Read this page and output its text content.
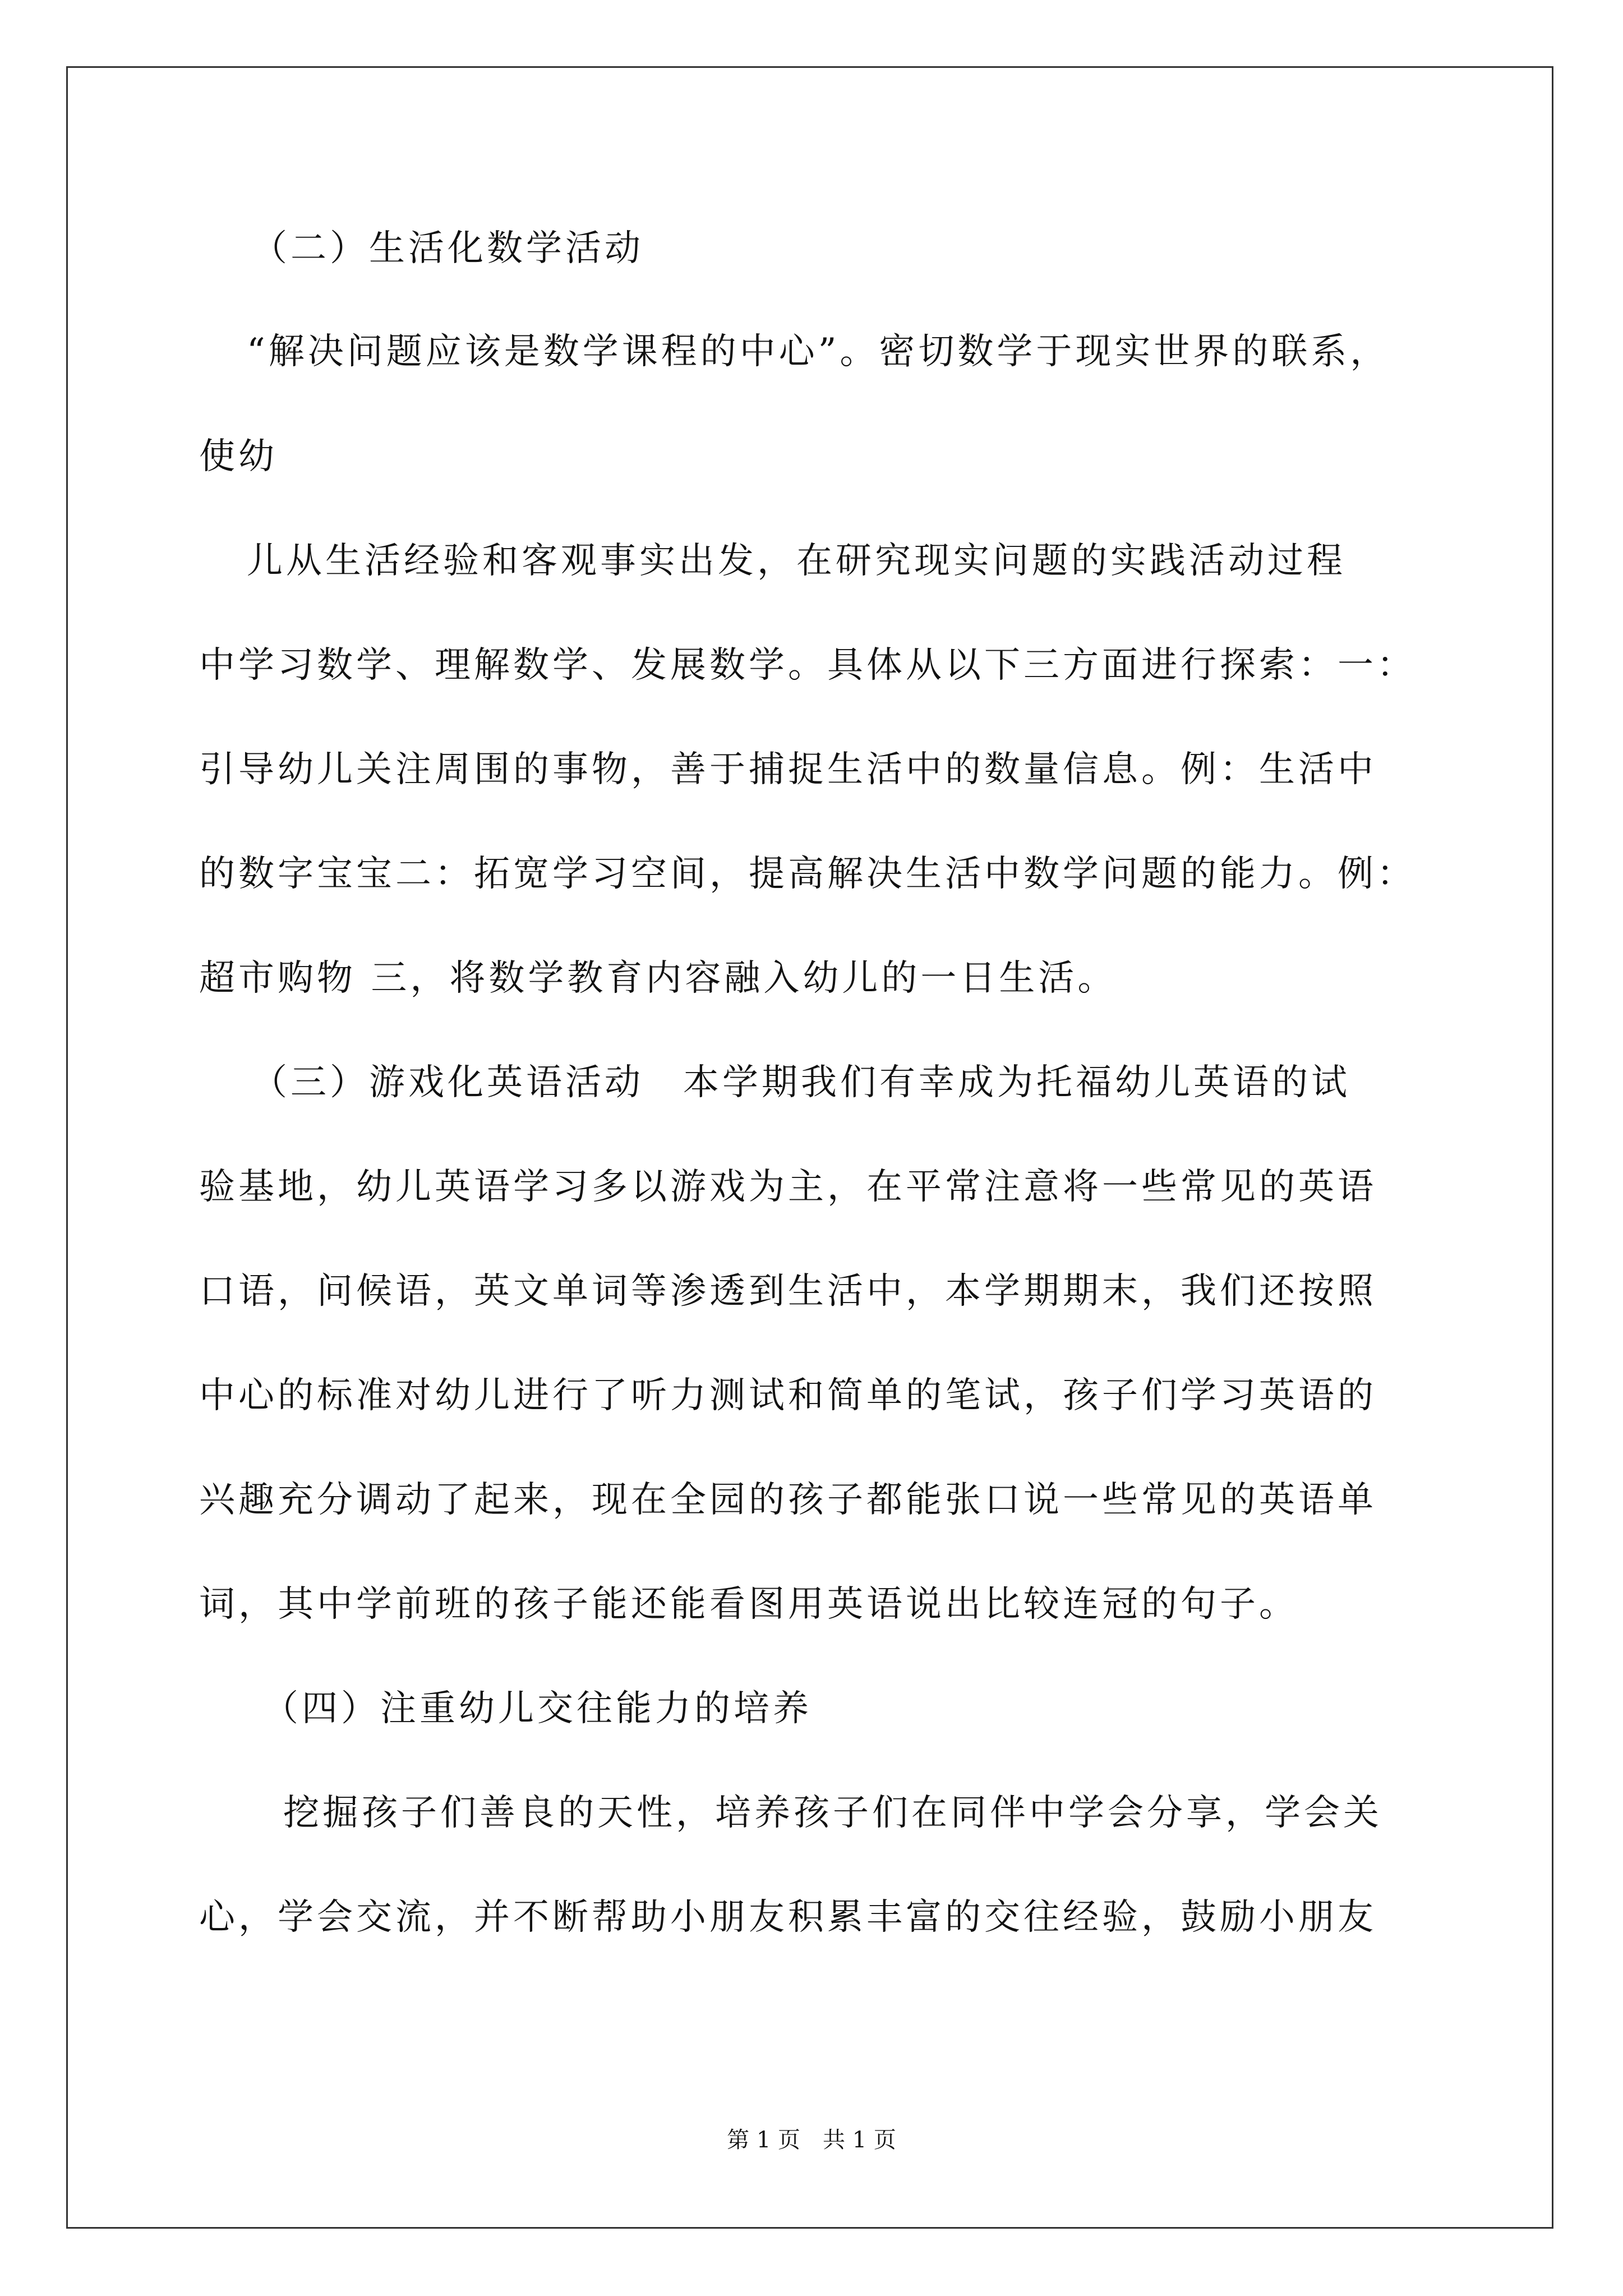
（二）生活化数学活动

“解决问题应该是数学课程的中心”。密切数学于现实世界的联系，

使幼

儿从生活经验和客观事实出发，在研究现实问题的实践活动过程

中学习数学、理解数学、发展数学。具体从以下三方面进行探索：一：

引导幼儿关注周围的事物，善于捕捉生活中的数量信息。例：生活中

的数字宝宝二：拓宽学习空间，提高解决生活中数学问题的能力。例：

超市购物 三，将数学教育内容融入幼儿的一日生活。

（三）游戏化英语活动　本学期我们有幸成为托福幼儿英语的试

验基地，幼儿英语学习多以游戏为主，在平常注意将一些常见的英语

口语，问候语，英文单词等渗透到生活中，本学期期末，我们还按照

中心的标准对幼儿进行了听力测试和简单的笔试，孩子们学习英语的

兴趣充分调动了起来，现在全园的孩子都能张口说一些常见的英语单

词，其中学前班的孩子能还能看图用英语说出比较连冠的句子。

（四）注重幼儿交往能力的培养

挖掘孩子们善良的天性，培养孩子们在同伴中学会分享，学会关

心，学会交流，并不断帮助小朋友积累丰富的交往经验，鼓励小朋友

第 1 页　共 1 页
